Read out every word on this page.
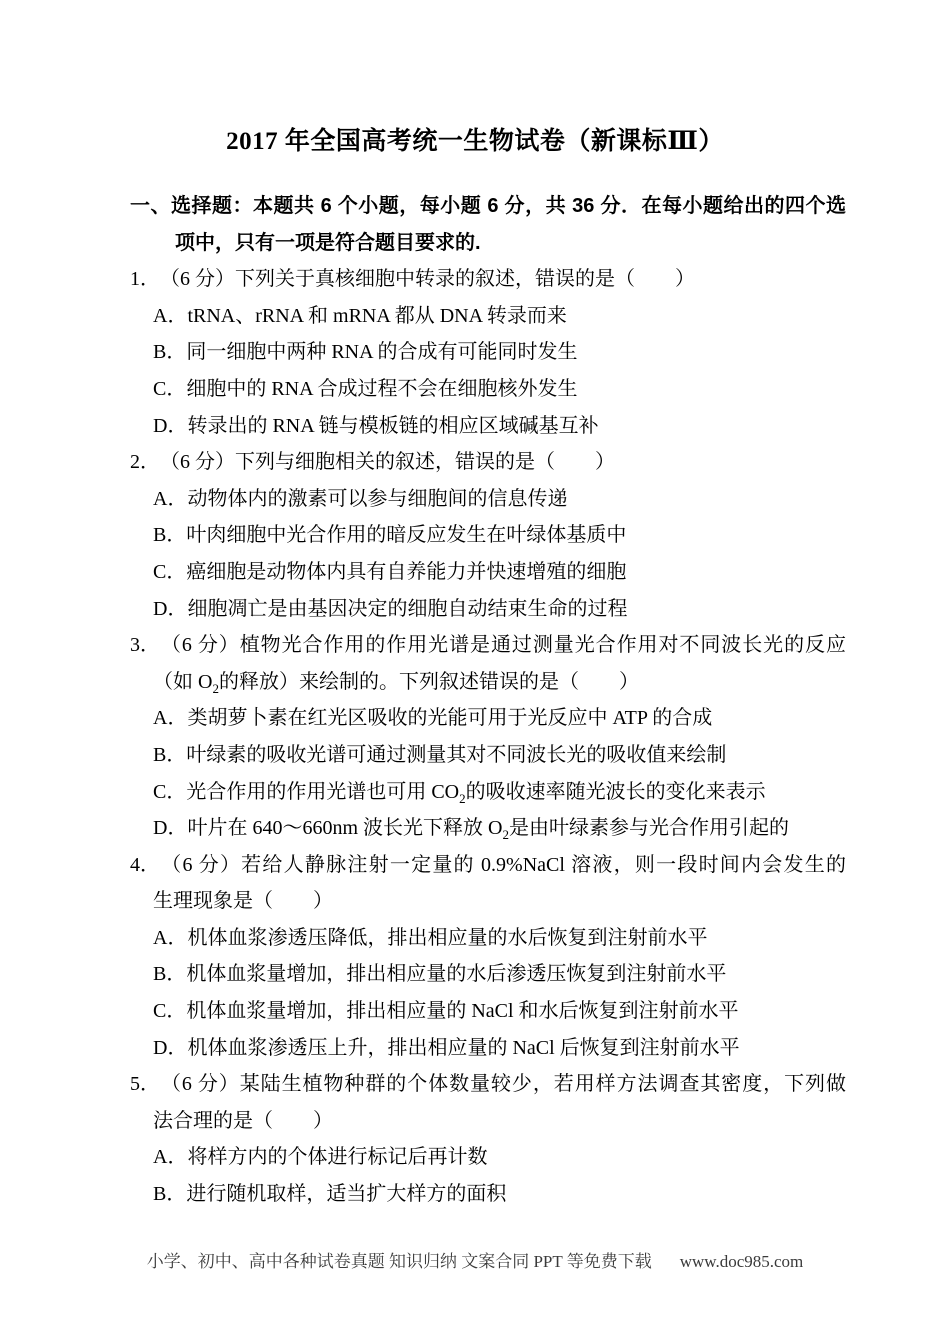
2017 年全国高考统一生物试卷（新课标Ⅲ）
一、选择题：本题共 6 个小题，每小题 6 分，共 36 分．在每小题给出的四个选
项中，只有一项是符合题目要求的.
1．（6 分）下列关于真核细胞中转录的叙述，错误的是（　　）
A．tRNA、rRNA 和 mRNA 都从 DNA 转录而来
B．同一细胞中两种 RNA 的合成有可能同时发生
C．细胞中的 RNA 合成过程不会在细胞核外发生
D．转录出的 RNA 链与模板链的相应区域碱基互补
2．（6 分）下列与细胞相关的叙述，错误的是（　　）
A．动物体内的激素可以参与细胞间的信息传递
B．叶肉细胞中光合作用的暗反应发生在叶绿体基质中
C．癌细胞是动物体内具有自养能力并快速增殖的细胞
D．细胞凋亡是由基因决定的细胞自动结束生命的过程
3．（6 分）植物光合作用的作用光谱是通过测量光合作用对不同波长光的反应
（如 $O_2$的释放）来绘制的。下列叙述错误的是（　　）
A．类胡萝卜素在红光区吸收的光能可用于光反应中 ATP 的合成
B．叶绿素的吸收光谱可通过测量其对不同波长光的吸收值来绘制
C．光合作用的作用光谱也可用 $CO_2$的吸收速率随光波长的变化来表示
D．叶片在 640～660nm 波长光下释放 $O_2$是由叶绿素参与光合作用引起的
4．（6 分）若给人静脉注射一定量的 0.9%NaCl 溶液，则一段时间内会发生的
生理现象是（　　）
A．机体血浆渗透压降低，排出相应量的水后恢复到注射前水平
B．机体血浆量增加，排出相应量的水后渗透压恢复到注射前水平
C．机体血浆量增加，排出相应量的 NaCl 和水后恢复到注射前水平
D．机体血浆渗透压上升，排出相应量的 NaCl 后恢复到注射前水平
5．（6 分）某陆生植物种群的个体数量较少，若用样方法调查其密度，下列做
法合理的是（　　）
A．将样方内的个体进行标记后再计数
B．进行随机取样，适当扩大样方的面积
小学、初中、高中各种试卷真题 知识归纳 文案合同 PPT 等免费下载 www.doc985.com
